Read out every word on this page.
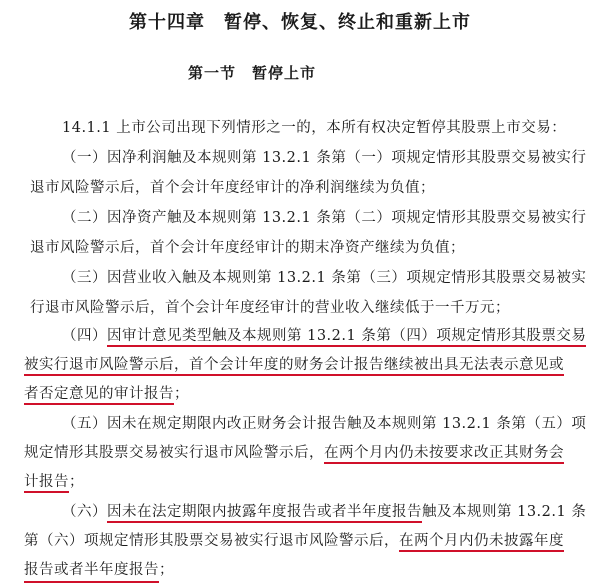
第十四章　暂停、恢复、终止和重新上市
第一节　暂停上市
14.1.1 上市公司出现下列情形之一的，本所有权决定暂停其股票上市交易：
（一）因净利润触及本规则第 13.2.1 条第（一）项规定情形其股票交易被实行
退市风险警示后，首个会计年度经审计的净利润继续为负值；
（二）因净资产触及本规则第 13.2.1 条第（二）项规定情形其股票交易被实行
退市风险警示后，首个会计年度经审计的期末净资产继续为负值；
（三）因营业收入触及本规则第 13.2.1 条第（三）项规定情形其股票交易被实
行退市风险警示后，首个会计年度经审计的营业收入继续低于一千万元；
（四）因审计意见类型触及本规则第 13.2.1 条第（四）项规定情形其股票交易
被实行退市风险警示后，首个会计年度的财务会计报告继续被出具无法表示意见或
者否定意见的审计报告；
（五）因未在规定期限内改正财务会计报告触及本规则第 13.2.1 条第（五）项
规定情形其股票交易被实行退市风险警示后，在两个月内仍未按要求改正其财务会
计报告；
（六）因未在法定期限内披露年度报告或者半年度报告触及本规则第 13.2.1 条
第（六）项规定情形其股票交易被实行退市风险警示后，在两个月内仍未披露年度
报告或者半年度报告；
